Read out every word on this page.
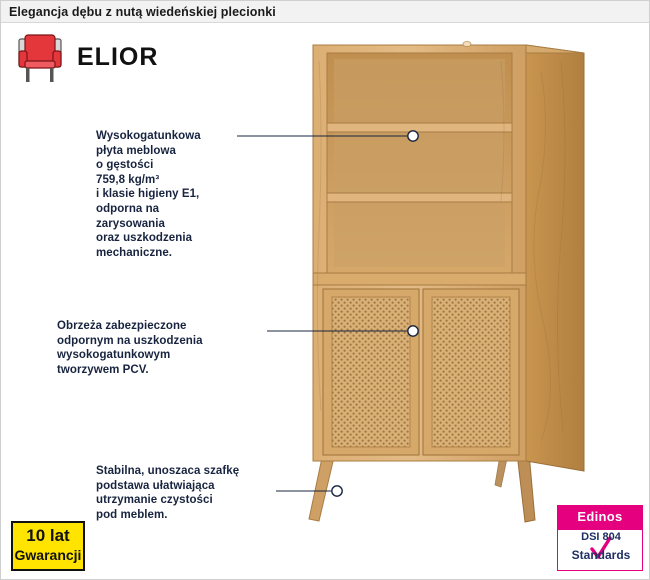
Elegancja dębu z nutą wiedeńskiej plecionki
ELIOR
Wysokogatunkowa
płyta meblowa
o gęstości
759,8 kg/m³
i klasie higieny E1,
odporna na
zarysowania
oraz uszkodzenia
mechaniczne.
Obrzeża zabezpieczone
odpornym na uszkodzenia
wysokogatunkowym
tworzywem PCV.
Stabilna, unoszaca szafkę
podstawa ułatwiająca
utrzymanie czystości
pod meblem.
10 lat
Gwarancji
Edinos
DSI 804
Standards
